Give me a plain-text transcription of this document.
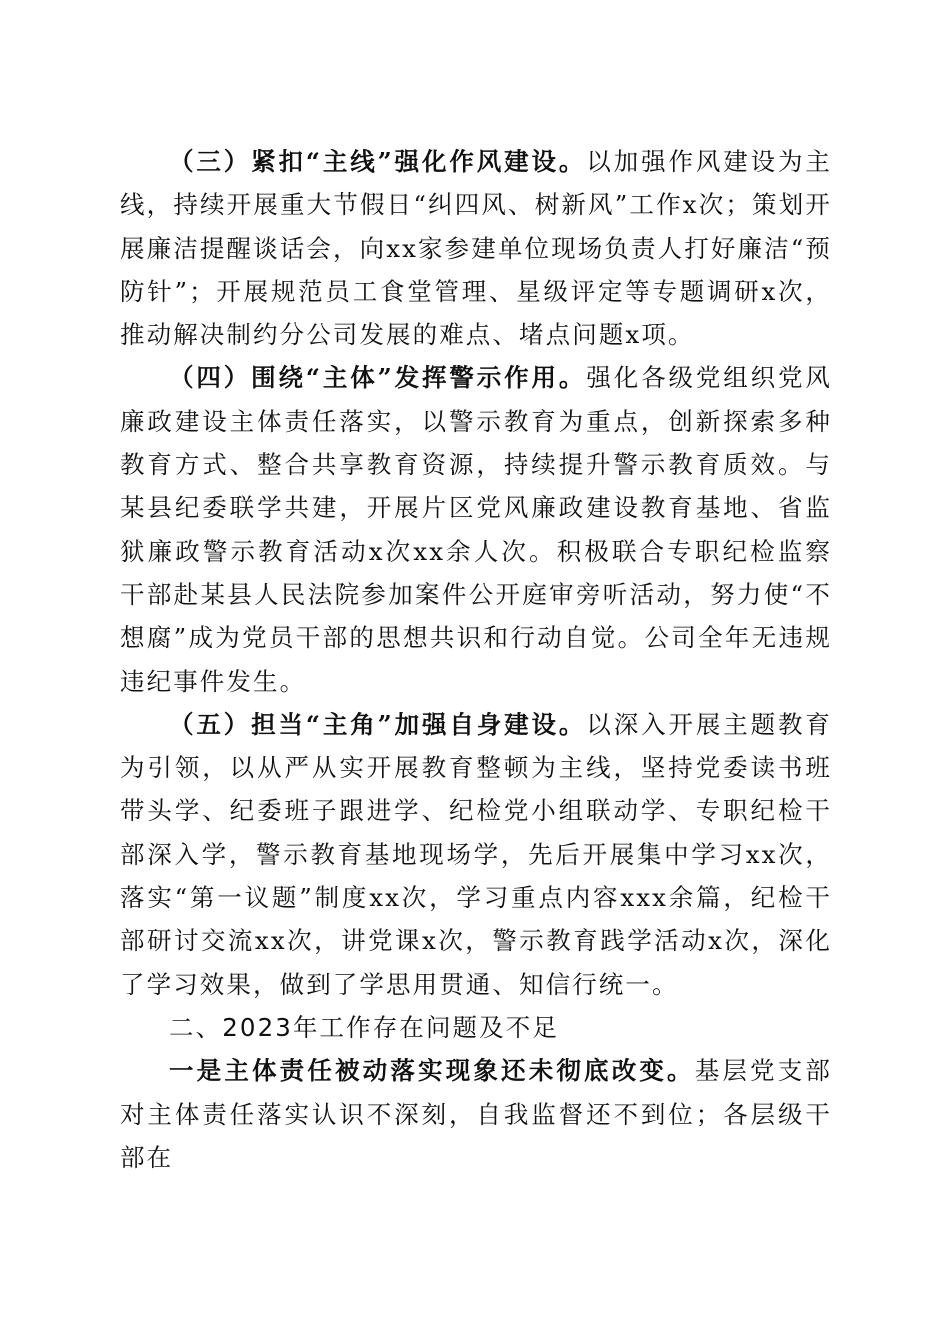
（三）紧扣“主线”强化作风建设。以加强作风建设为主线，持续开展重大节假日“纠四风、树新风”工作x次；策划开展廉洁提醒谈话会，向xx家参建单位现场负责人打好廉洁“预防针”；开展规范员工食堂管理、星级评定等专题调研x次，推动解决制约分公司发展的难点、堵点问题x项。

（四）围绕“主体”发挥警示作用。强化各级党组织党风廉政建设主体责任落实，以警示教育为重点，创新探索多种教育方式、整合共享教育资源，持续提升警示教育质效。与某县纪委联学共建，开展片区党风廉政建设教育基地、省监狱廉政警示教育活动x次xx余人次。积极联合专职纪检监察干部赴某县人民法院参加案件公开庭审旁听活动，努力使“不想腐”成为党员干部的思想共识和行动自觉。公司全年无违规违纪事件发生。

（五）担当“主角”加强自身建设。以深入开展主题教育为引领，以从严从实开展教育整顿为主线，坚持党委读书班带头学、纪委班子跟进学、纪检党小组联动学、专职纪检干部深入学，警示教育基地现场学，先后开展集中学习xx次，落实“第一议题”制度xx次，学习重点内容xxx余篇，纪检干部研讨交流xx次，讲党课x次，警示教育践学活动x次，深化了学习效果，做到了学思用贯通、知信行统一。

二、2023年工作存在问题及不足

一是主体责任被动落实现象还未彻底改变。基层党支部对主体责任落实认识不深刻，自我监督还不到位；各层级干部在
